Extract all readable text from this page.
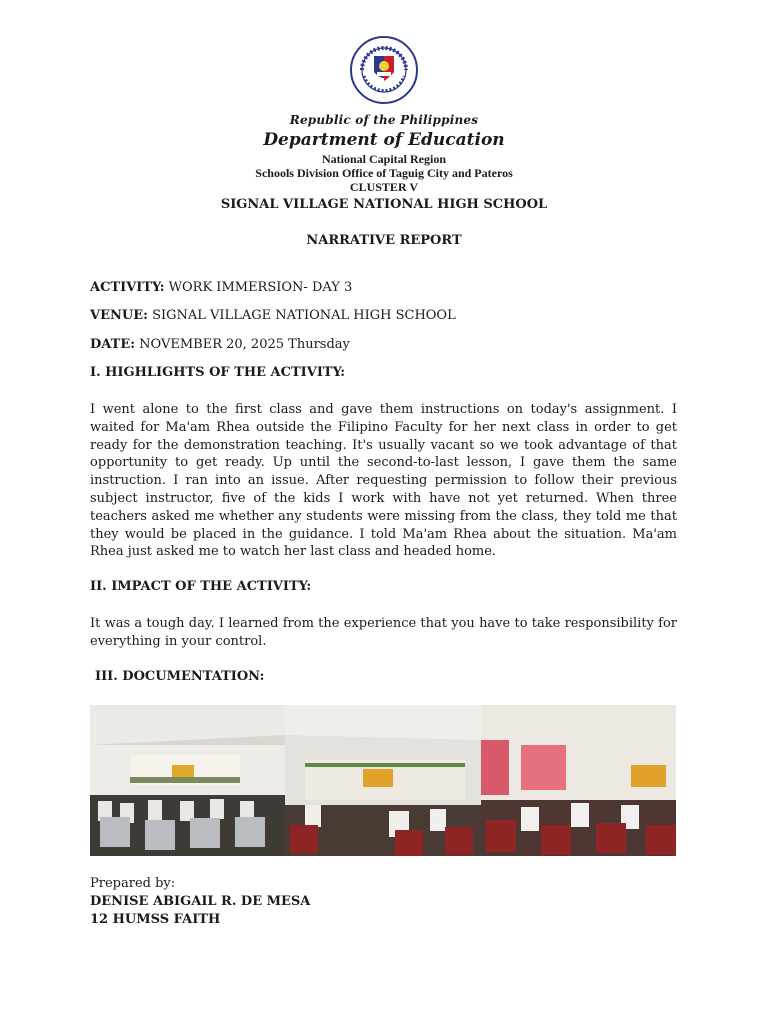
Republic of the Philippines
Department of Education
National Capital Region
Schools Division Office of Taguig City and Pateros
CLUSTER V
SIGNAL VILLAGE NATIONAL HIGH SCHOOL
NARRATIVE REPORT
ACTIVITY: WORK IMMERSION- DAY 3
VENUE: SIGNAL VILLAGE NATIONAL HIGH SCHOOL
DATE: NOVEMBER 20, 2025 Thursday
I. HIGHLIGHTS OF THE ACTIVITY:
I went alone to the first class and gave them instructions on today's assignment. I waited for Ma'am Rhea outside the Filipino Faculty for her next class in order to get ready for the demonstration teaching. It's usually vacant so we took advantage of that opportunity to get ready. Up until the second-to-last lesson, I gave them the same instruction. I ran into an issue. After requesting permission to follow their previous subject instructor, five of the kids I work with have not yet returned. When three teachers asked me whether any students were missing from the class, they told me that they would be placed in the guidance. I told Ma'am Rhea about the situation. Ma'am Rhea just asked me to watch her last class and headed home.
II. IMPACT OF THE ACTIVITY:
It was a tough day. I learned from the experience that you have to take responsibility for everything in your control.
III. DOCUMENTATION:
Prepared by:
DENISE ABIGAIL R. DE MESA
12 HUMSS FAITH
